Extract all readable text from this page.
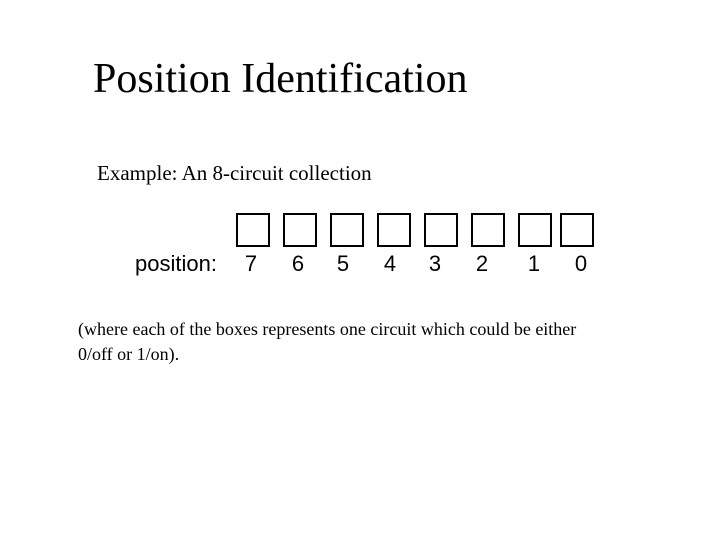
Position Identification
Example: An 8-circuit collection
position:	7	6	5	4	3	2	1	0
(where each of the boxes represents one circuit which could be either
0/off or 1/on).
